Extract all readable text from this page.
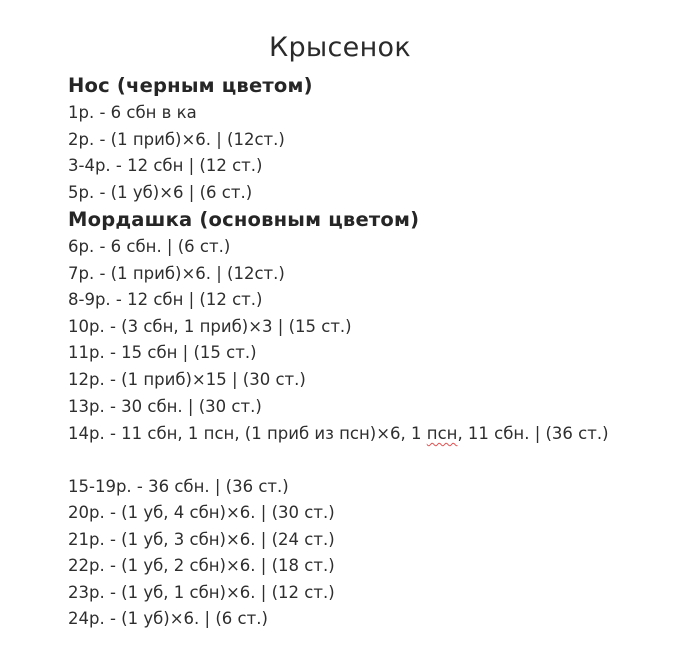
Крысенок
Нос (черным цветом)
1р. - 6 сбн в ка
2р. - (1 приб)×6. | (12ст.)
3-4р. - 12 сбн | (12 ст.)
5р. - (1 уб)×6 | (6 ст.)
Мордашка (основным цветом)
6р. - 6 сбн. | (6 ст.)
7р. - (1 приб)×6. | (12ст.)
8-9р. - 12 сбн | (12 ст.)
10р. - (3 сбн, 1 приб)×3 | (15 ст.)
11р. - 15 сбн | (15 ст.)
12р. - (1 приб)×15 | (30 ст.)
13р. - 30 сбн. | (30 ст.)
14р. - 11 сбн, 1 псн, (1 приб из псн)×6, 1 псн, 11 сбн. | (36 ст.)
15-19р. - 36 сбн. | (36 ст.)
20р. - (1 уб, 4 сбн)×6. | (30 ст.)
21р. - (1 уб, 3 сбн)×6. | (24 ст.)
22р. - (1 уб, 2 сбн)×6. | (18 ст.)
23р. - (1 уб, 1 сбн)×6. | (12 ст.)
24р. - (1 уб)×6. | (6 ст.)
